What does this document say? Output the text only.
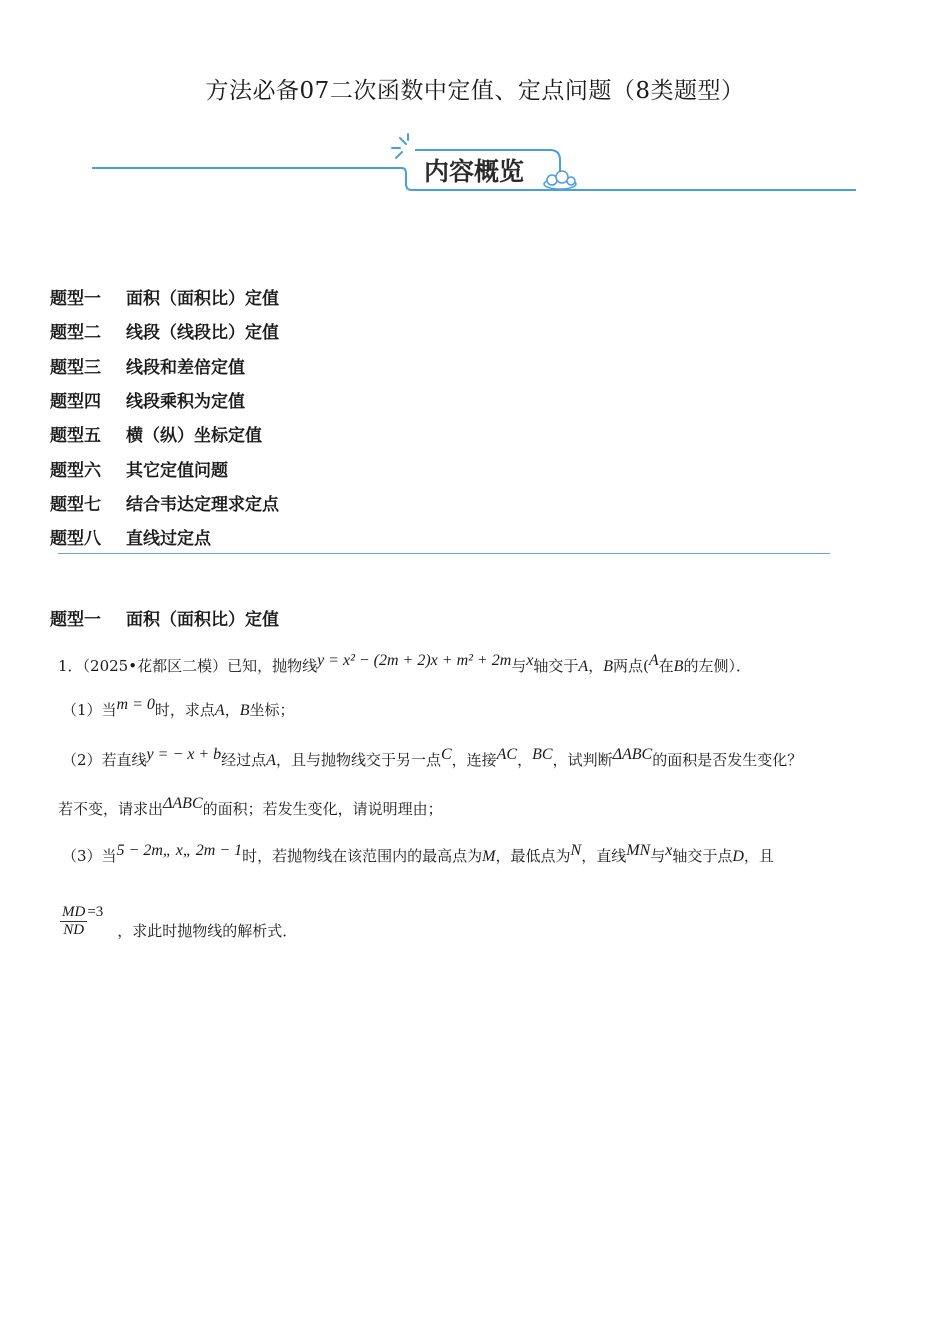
方法必备07二次函数中定值、定点问题（8类题型）
内容概览
题型一 面积（面积比）定值
题型二 线段（线段比）定值
题型三 线段和差倍定值
题型四 线段乘积为定值
题型五 横（纵）坐标定值
题型六 其它定值问题
题型七 结合韦达定理求定点
题型八 直线过定点
题型一 面积（面积比）定值
1．（2025•花都区二模）已知，抛物线y = x² − (2m + 2)x + m² + 2m与x轴交于A，B两点(A在B的左侧）．
（1）当m = 0时，求点A，B坐标；
（2）若直线y = − x + b经过点A，且与抛物线交于另一点C，连接AC，BC，试判断ΔABC的面积是否发生变化？
若不变，请求出ΔABC的面积；若发生变化，请说明理由；
（3）当5 − 2m„ x„ 2m − 1时，若抛物线在该范围内的最高点为M，最低点为N，直线MN与x轴交于点D，且
$\frac{MD}{ND} =3$，求此时抛物线的解析式．
